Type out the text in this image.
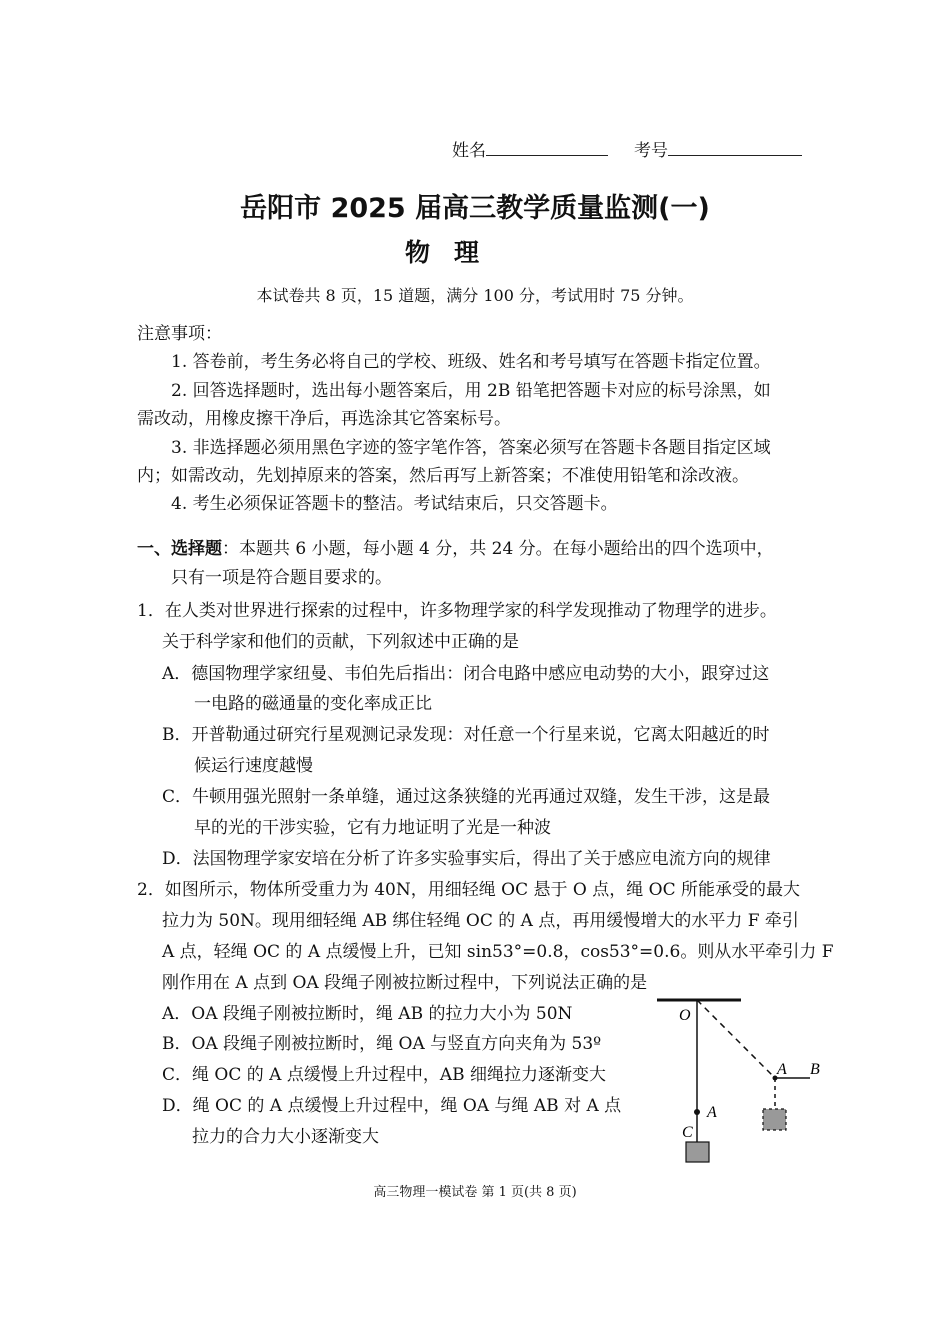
姓名	考号
岳阳市 2025 届高三教学质量监测(一)
物理
本试卷共 8 页，15 道题，满分 100 分，考试用时 75 分钟。
注意事项：
1. 答卷前，考生务必将自己的学校、班级、姓名和考号填写在答题卡指定位置。
2. 回答选择题时，选出每小题答案后，用 2B 铅笔把答题卡对应的标号涂黑，如
需改动，用橡皮擦干净后，再选涂其它答案标号。
3. 非选择题必须用黑色字迹的签字笔作答，答案必须写在答题卡各题目指定区域
内；如需改动，先划掉原来的答案，然后再写上新答案；不准使用铅笔和涂改液。
4. 考生必须保证答题卡的整洁。考试结束后，只交答题卡。
一、选择题：本题共 6 小题，每小题 4 分，共 24 分。在每小题给出的四个选项中，
只有一项是符合题目要求的。
1．在人类对世界进行探索的过程中，许多物理学家的科学发现推动了物理学的进步。
关于科学家和他们的贡献，下列叙述中正确的是
A．德国物理学家纽曼、韦伯先后指出：闭合电路中感应电动势的大小，跟穿过这
一电路的磁通量的变化率成正比
B．开普勒通过研究行星观测记录发现：对任意一个行星来说，它离太阳越近的时
候运行速度越慢
C．牛顿用强光照射一条单缝，通过这条狭缝的光再通过双缝，发生干涉，这是最
早的光的干涉实验，它有力地证明了光是一种波
D．法国物理学家安培在分析了许多实验事实后，得出了关于感应电流方向的规律
2．如图所示，物体所受重力为 40N，用细轻绳 OC 悬于 O 点，绳 OC 所能承受的最大
拉力为 50N。现用细轻绳 AB 绑住轻绳 OC 的 A 点，再用缓慢增大的水平力 F 牵引
A 点，轻绳 OC 的 A 点缓慢上升，已知 sin53°=0.8，cos53°=0.6。则从水平牵引力 F
刚作用在 A 点到 OA 段绳子刚被拉断过程中，下列说法正确的是
A．OA 段绳子刚被拉断时，绳 AB 的拉力大小为 50N
B．OA 段绳子刚被拉断时，绳 OA 与竖直方向夹角为 53º
C．绳 OC 的 A 点缓慢上升过程中，AB 细绳拉力逐渐变大
D．绳 OC 的 A 点缓慢上升过程中，绳 OA 与绳 AB 对 A 点
拉力的合力大小逐渐变大
O
A
C
A B
高三物理一模试卷 第 1 页(共 8 页)
